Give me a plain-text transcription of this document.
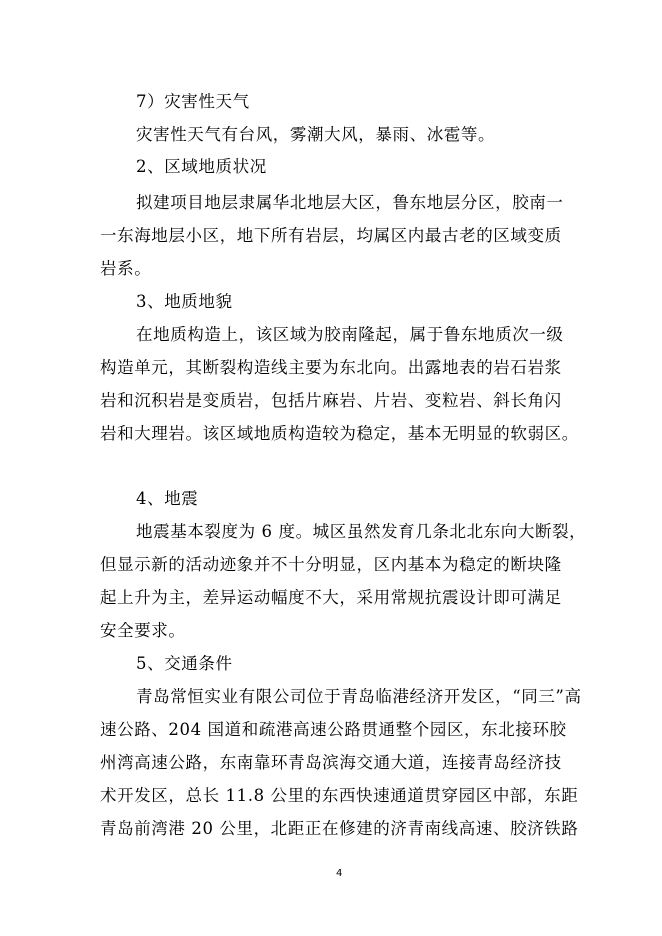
7）灾害性天气
灾害性天气有台风，雾潮大风，暴雨、冰雹等。
2、区域地质状况
拟建项目地层隶属华北地层大区，鲁东地层分区，胶南一
一东海地层小区，地下所有岩层，均属区内最古老的区域变质
岩系。
3、地质地貌
在地质构造上，该区域为胶南隆起，属于鲁东地质次一级
构造单元，其断裂构造线主要为东北向。出露地表的岩石岩浆
岩和沉积岩是变质岩，包括片麻岩、片岩、变粒岩、斜长角闪
岩和大理岩。该区域地质构造较为稳定，基本无明显的软弱区。
4、地震
地震基本裂度为 6 度。城区虽然发育几条北北东向大断裂，
但显示新的活动迹象并不十分明显，区内基本为稳定的断块隆
起上升为主，差异运动幅度不大，采用常规抗震设计即可满足
安全要求。
5、交通条件
青岛常恒实业有限公司位于青岛临港经济开发区，“同三”高
速公路、204 国道和疏港高速公路贯通整个园区，东北接环胶
州湾高速公路，东南靠环青岛滨海交通大道，连接青岛经济技
术开发区，总长 11.8 公里的东西快速通道贯穿园区中部，东距
青岛前湾港 20 公里，北距正在修建的济青南线高速、胶济铁路
4
